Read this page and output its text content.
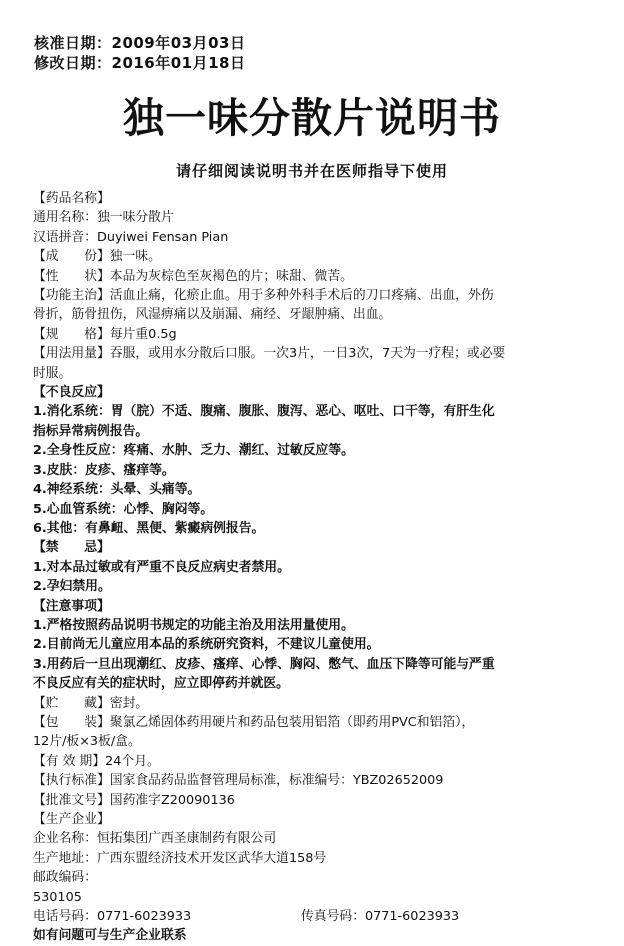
核准日期：2009年03月03日
修改日期：2016年01月18日
独一味分散片说明书
请仔细阅读说明书并在医师指导下使用
【药品名称】
通用名称：独一味分散片
汉语拼音：Duyiwei Fensan Pian
【成　　份】独一味。
【性　　状】本品为灰棕色至灰褐色的片；味甜、微苦。
【功能主治】活血止痛，化瘀止血。用于多种外科手术后的刀口疼痛、出血，外伤
骨折，筋骨扭伤，风湿痹痛以及崩漏、痛经、牙龈肿痛、出血。
【规　　格】每片重0.5g
【用法用量】吞服，或用水分散后口服。一次3片，一日3次，7天为一疗程；或必要
时服。
【不良反应】
1.消化系统：胃（脘）不适、腹痛、腹胀、腹泻、恶心、呕吐、口干等，有肝生化
指标异常病例报告。
2.全身性反应：疼痛、水肿、乏力、潮红、过敏反应等。
3.皮肤：皮疹、瘙痒等。
4.神经系统：头晕、头痛等。
5.心血管系统：心悸、胸闷等。
6.其他：有鼻衄、黑便、紫癜病例报告。
【禁　　忌】
1.对本品过敏或有严重不良反应病史者禁用。
2.孕妇禁用。
【注意事项】
1.严格按照药品说明书规定的功能主治及用法用量使用。
2.目前尚无儿童应用本品的系统研究资料，不建议儿童使用。
3.用药后一旦出现潮红、皮疹、瘙痒、心悸、胸闷、憋气、血压下降等可能与严重
不良反应有关的症状时，应立即停药并就医。
【贮　　藏】密封。
【包　　装】聚氯乙烯固体药用硬片和药品包装用铝箔（即药用PVC和铝箔），
12片/板×3板/盒。
【有 效 期】24个月。
【执行标准】国家食品药品监督管理局标准，标准编号：YBZ02652009
【批准文号】国药准字Z20090136
【生产企业】
企业名称：恒拓集团广西圣康制药有限公司
生产地址：广西东盟经济技术开发区武华大道158号
邮政编码：
530105
电话号码：0771-6023933	传真号码：0771-6023933
如有问题可与生产企业联系
